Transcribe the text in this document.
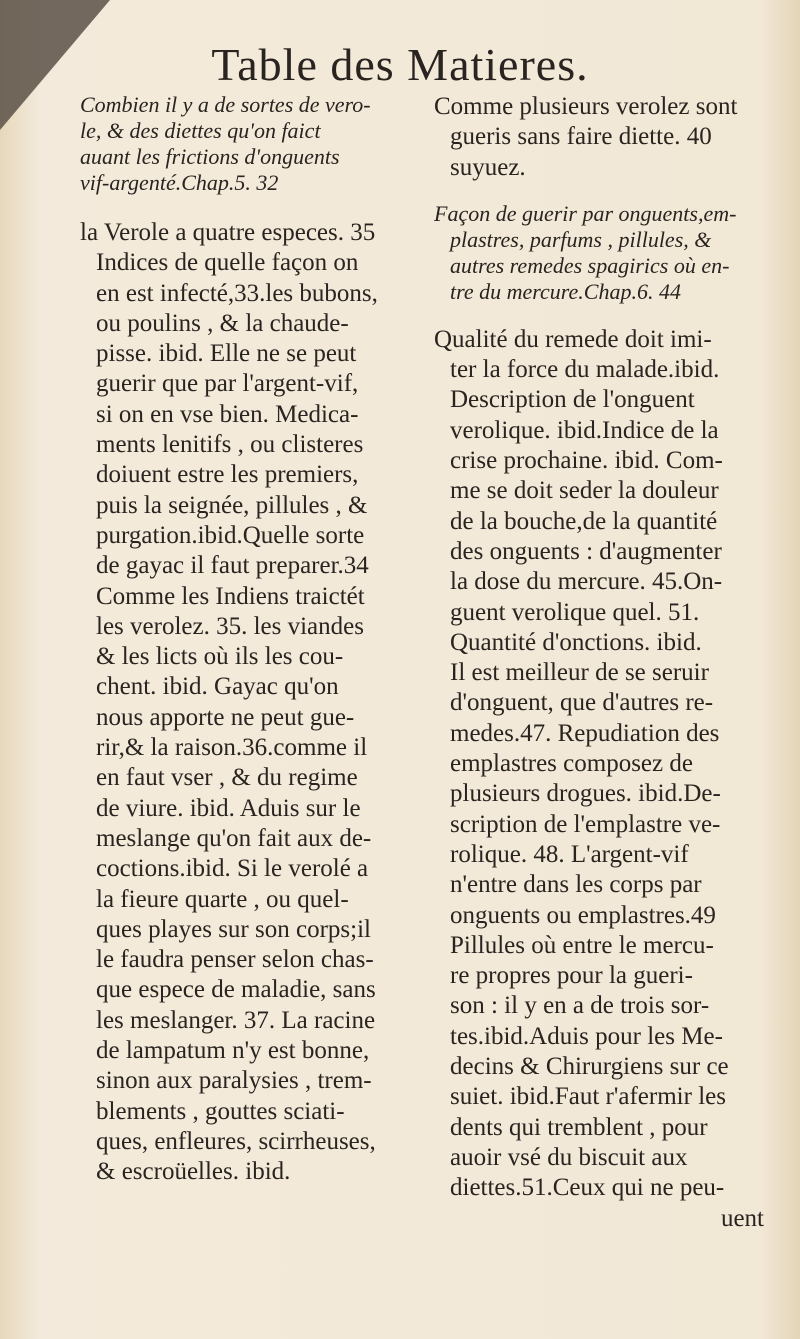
Table des Matieres.
Combien il y a de sortes de vero-
le, & des diettes qu'on faict
auant les frictions d'onguents
vif-argenté.Chap.5. 32
la Verole a quatre especes. 35
Indices de quelle façon on
en est infecté,33.les bubons,
ou poulins , & la chaude-
pisse. ibid. Elle ne se peut
guerir que par l'argent-vif,
si on en vse bien. Medica-
ments lenitifs , ou clisteres
doiuent estre les premiers,
puis la seignée, pillules , &
purgation.ibid.Quelle sorte
de gayac il faut preparer.34
Comme les Indiens traictét
les verolez. 35. les viandes
& les licts où ils les cou-
chent. ibid. Gayac qu'on
nous apporte ne peut gue-
rir,& la raison.36.comme il
en faut vser , & du regime
de viure. ibid. Aduis sur le
meslange qu'on fait aux de-
coctions.ibid. Si le verolé a
la fieure quarte , ou quel-
ques playes sur son corps;il
le faudra penser selon chas-
que espece de maladie, sans
les meslanger. 37. La racine
de lampatum n'y est bonne,
sinon aux paralysies , trem-
blements , gouttes sciati-
ques, enfleures, scirrheuses,
& escroüelles. ibid.
Comme plusieurs verolez sont
gueris sans faire diette. 40
suyuez.
Façon de guerir par onguents,em-
plastres, parfums , pillules, &
autres remedes spagirics où en-
tre du mercure.Chap.6. 44
Qualité du remede doit imi-
ter la force du malade.ibid.
Description de l'onguent
verolique. ibid.Indice de la
crise prochaine. ibid. Com-
me se doit seder la douleur
de la bouche,de la quantité
des onguents : d'augmenter
la dose du mercure. 45.On-
guent verolique quel. 51.
Quantité d'onctions. ibid.
Il est meilleur de se seruir
d'onguent, que d'autres re-
medes.47. Repudiation des
emplastres composez de
plusieurs drogues. ibid.De-
scription de l'emplastre ve-
rolique. 48. L'argent-vif
n'entre dans les corps par
onguents ou emplastres.49
Pillules où entre le mercu-
re propres pour la gueri-
son : il y en a de trois sor-
tes.ibid.Aduis pour les Me-
decins & Chirurgiens sur ce
suiet. ibid.Faut r'afermir les
dents qui tremblent , pour
auoir vsé du biscuit aux
diettes.51.Ceux qui ne peu-
uent
